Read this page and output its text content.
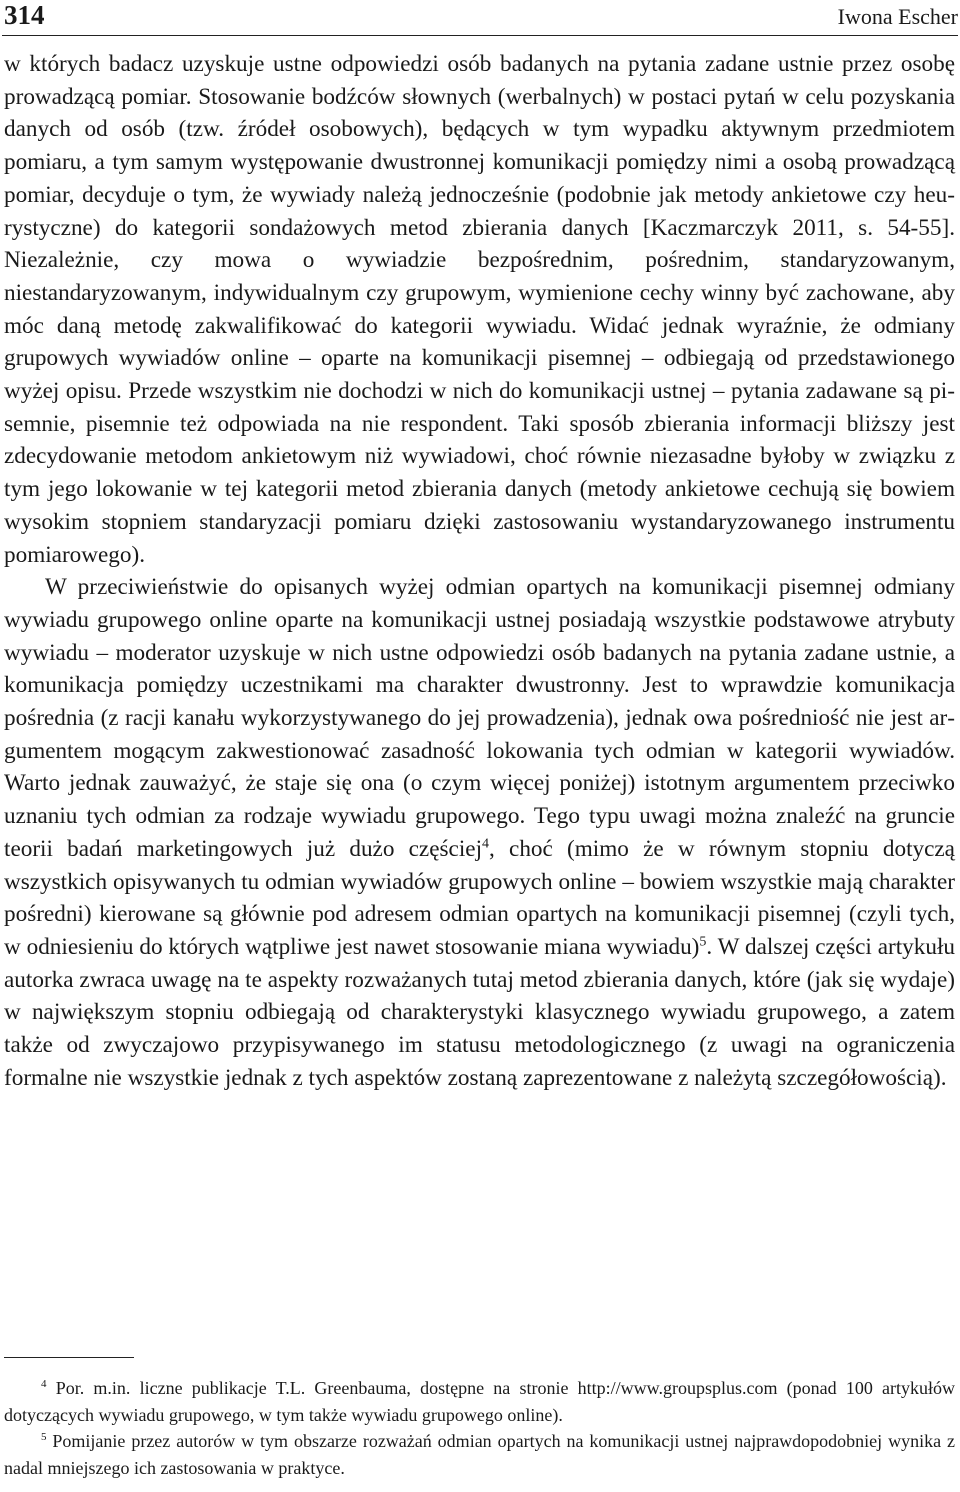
314	Iwona Escher

w których badacz uzyskuje ustne odpowiedzi osób badanych na pytania zadane ustnie przez osobę prowadzącą pomiar. Stosowanie bodźców słownych (werbalnych) w postaci pytań w celu pozyskania danych od osób (tzw. źródeł osobowych), będących w tym wypadku aktywnym przedmiotem pomiaru, a tym samym występowanie dwustronnej komunikacji pomiędzy nimi a osobą prowadzącą pomiar, decyduje o tym, że wywiady należą jednocześnie (podobnie jak metody ankietowe czy heurystyczne) do kategorii sondażowych metod zbierania danych [Kaczmarczyk 2011, s. 54-55]. Niezależnie, czy mowa o wywiadzie bezpośrednim, pośrednim, standaryzowanym, niestandaryzowanym, indywidualnym czy grupowym, wymienione cechy winny być zachowane, aby móc daną metodę zakwalifikować do kategorii wywiadu. Widać jednak wyraźnie, że odmiany grupowych wywiadów online – oparte na komunikacji pisemnej – odbiegają od przedstawionego wyżej opisu. Przede wszystkim nie dochodzi w nich do komunikacji ustnej – pytania zadawane są pisemnie, pisemnie też odpowiada na nie respondent. Taki sposób zbierania informacji bliższy jest zdecydowanie metodom ankietowym niż wywiadowi, choć równie niezasadne byłoby w związku z tym jego lokowanie w tej kategorii metod zbierania danych (metody ankietowe cechują się bowiem wysokim stopniem standaryzacji pomiaru dzięki zastosowaniu wystandaryzowanego instrumentu pomiarowego).

W przeciwieństwie do opisanych wyżej odmian opartych na komunikacji pisemnej odmiany wywiadu grupowego online oparte na komunikacji ustnej posiadają wszystkie podstawowe atrybuty wywiadu – moderator uzyskuje w nich ustne odpowiedzi osób badanych na pytania zadane ustnie, a komunikacja pomiędzy uczestnikami ma charakter dwustronny. Jest to wprawdzie komunikacja pośrednia (z racji kanału wykorzystywanego do jej prowadzenia), jednak owa pośredniość nie jest argumentem mogącym zakwestionować zasadność lokowania tych odmian w kategorii wywiadów. Warto jednak zauważyć, że staje się ona (o czym więcej poniżej) istotnym argumentem przeciwko uznaniu tych odmian za rodzaje wywiadu grupowego. Tego typu uwagi można znaleźć na gruncie teorii badań marketingowych już dużo częściej$^4$, choć (mimo że w równym stopniu dotyczą wszystkich opisywanych tu odmian wywiadów grupowych online – bowiem wszystkie mają charakter pośredni) kierowane są głównie pod adresem odmian opartych na komunikacji pisemnej (czyli tych, w odniesieniu do których wątpliwe jest nawet stosowanie miana wywiadu)$^5$. W dalszej części artykułu autorka zwraca uwagę na te aspekty rozważanych tutaj metod zbierania danych, które (jak się wydaje) w największym stopniu odbiegają od charakterystyki klasycznego wywiadu grupowego, a zatem także od zwyczajowo przypisywanego im statusu metodologicznego (z uwagi na ograniczenia formalne nie wszystkie jednak z tych aspektów zostaną zaprezentowane z należytą szczegółowością).

$^4$ Por. m.in. liczne publikacje T.L. Greenbauma, dostępne na stronie http://www.groupsplus.com (ponad 100 artykułów dotyczących wywiadu grupowego, w tym także wywiadu grupowego online).

$^5$ Pomijanie przez autorów w tym obszarze rozważań odmian opartych na komunikacji ustnej najprawdopodobniej wynika z nadal mniejszego ich zastosowania w praktyce.
